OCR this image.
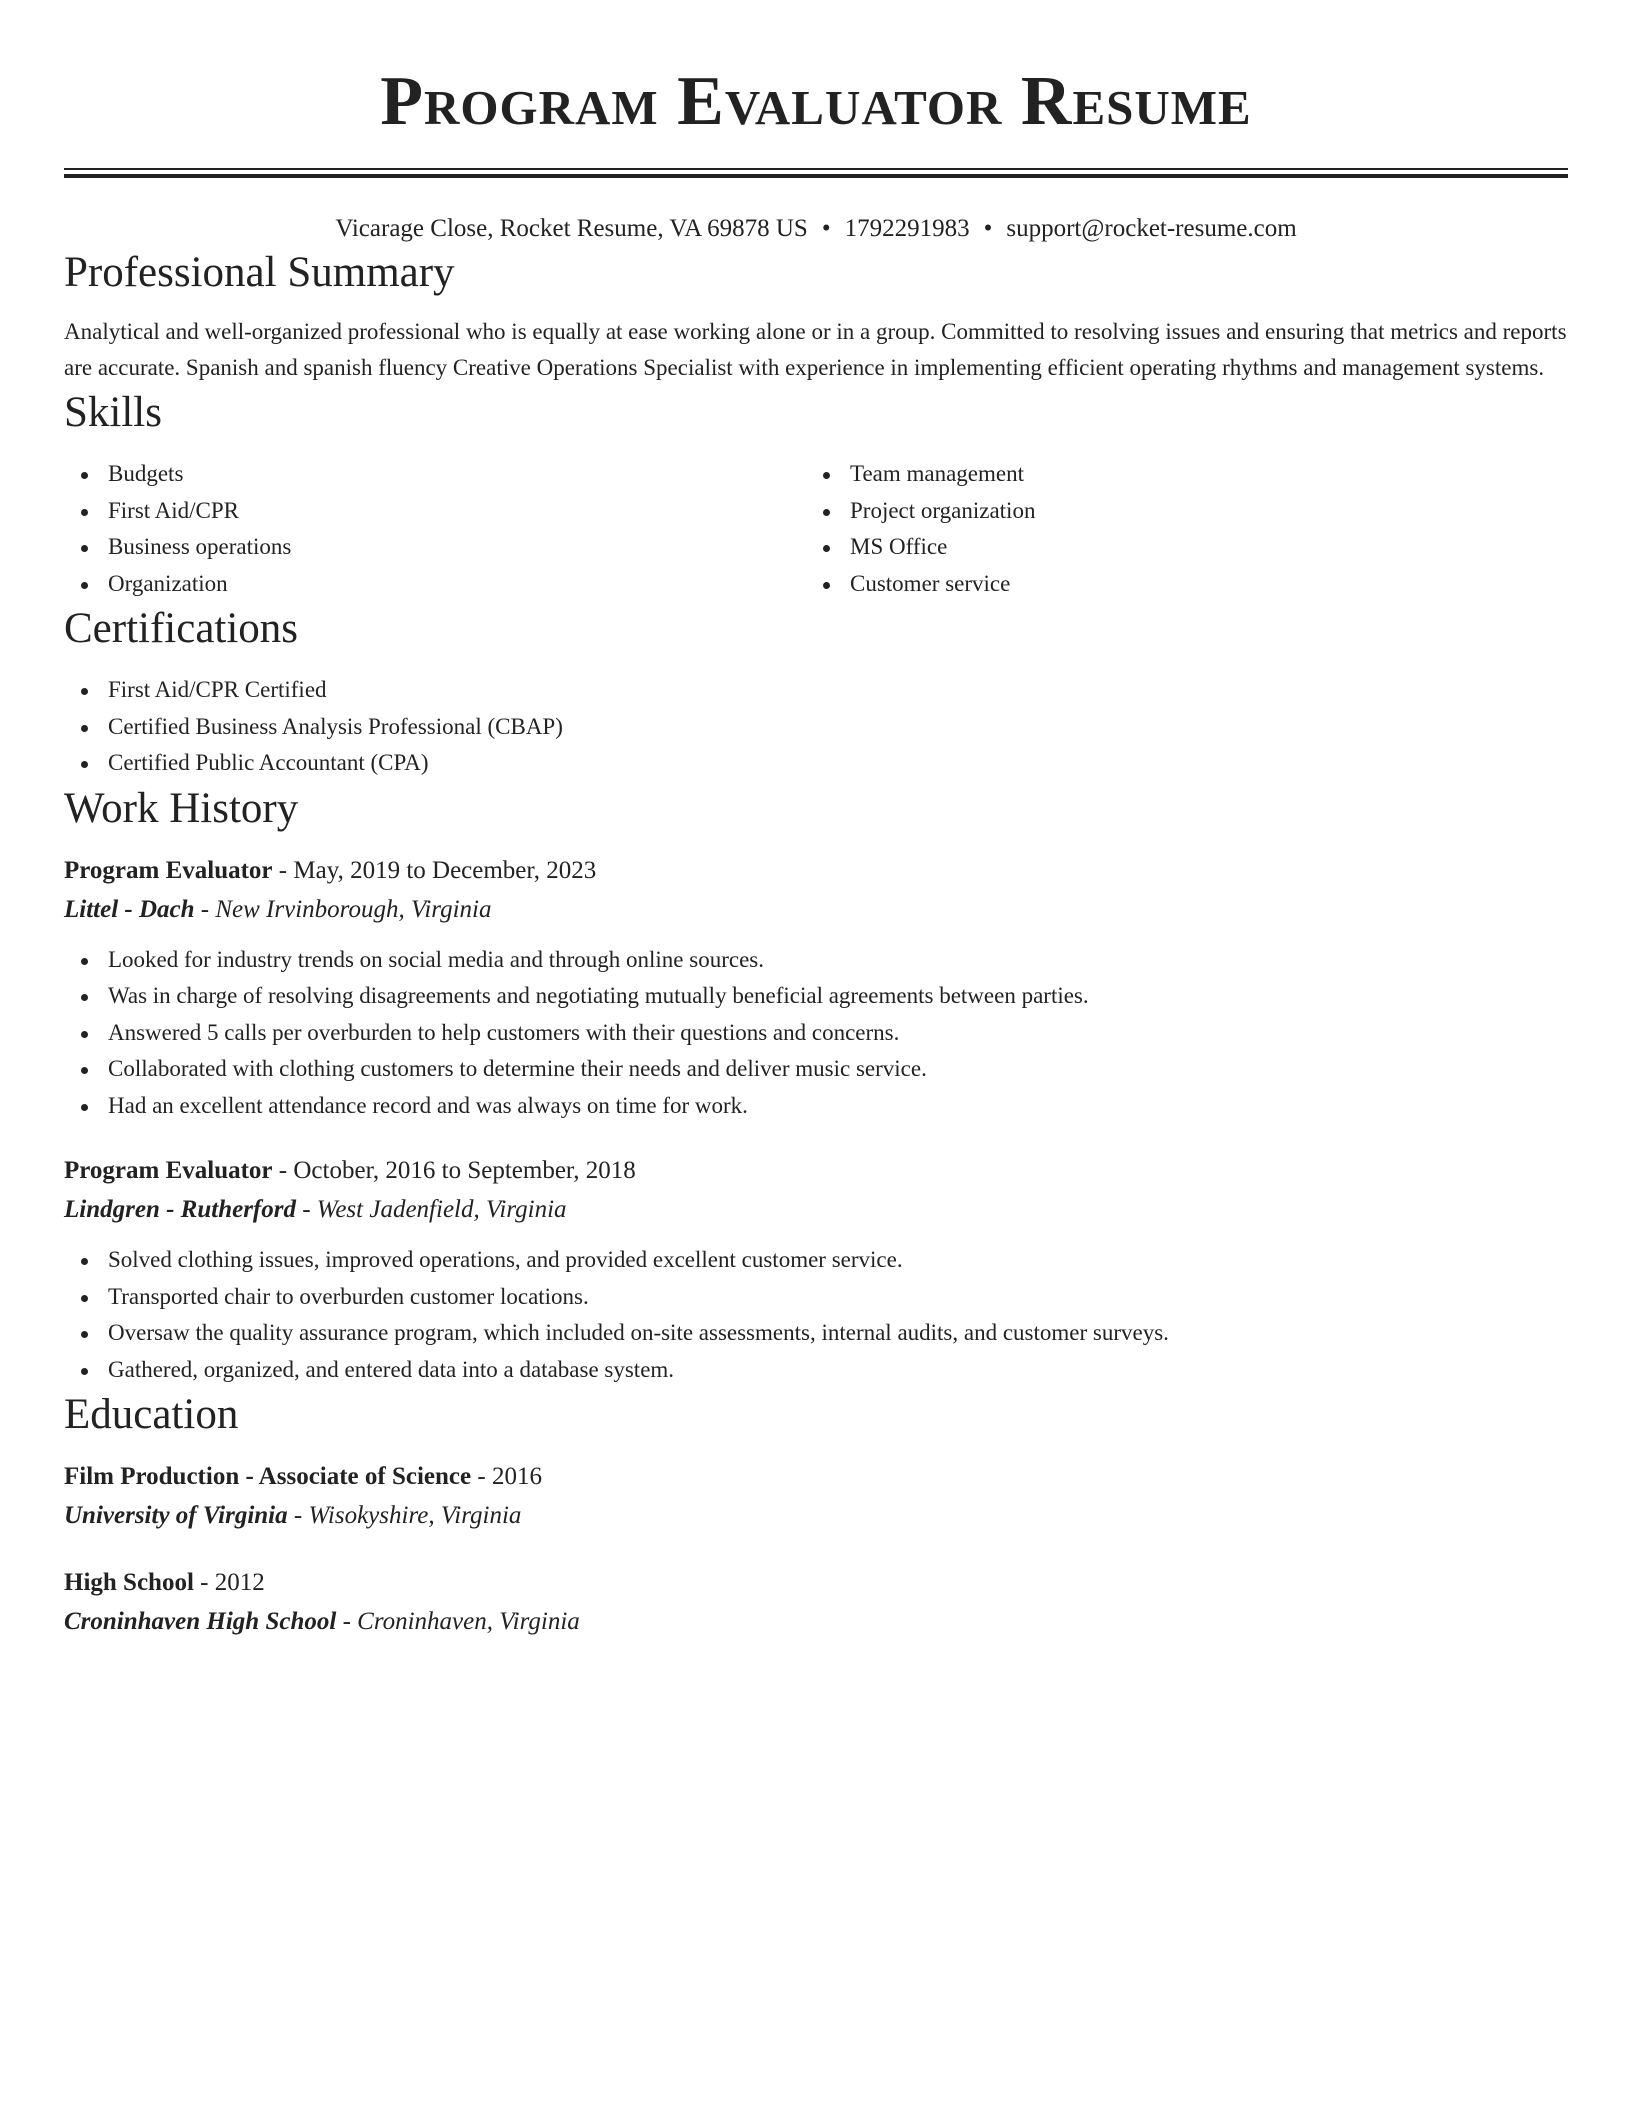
Program Evaluator Resume
Vicarage Close, Rocket Resume, VA 69878 US • 1792291983 • support@rocket-resume.com
Professional Summary

Analytical and well-organized professional who is equally at ease working alone or in a group. Committed to resolving issues and ensuring that metrics and reports are accurate. Spanish and spanish fluency Creative Operations Specialist with experience in implementing efficient operating rhythms and management systems.

Skills
Budgets
First Aid/CPR
Business operations
Organization
Team management
Project organization
MS Office
Customer service
Certifications
First Aid/CPR Certified
Certified Business Analysis Professional (CBAP)
Certified Public Accountant (CPA)
Work History
Program Evaluator - May, 2019 to December, 2023
Littel - Dach - New Irvinborough, Virginia
Looked for industry trends on social media and through online sources.
Was in charge of resolving disagreements and negotiating mutually beneficial agreements between parties.
Answered 5 calls per overburden to help customers with their questions and concerns.
Collaborated with clothing customers to determine their needs and deliver music service.
Had an excellent attendance record and was always on time for work.
Program Evaluator - October, 2016 to September, 2018
Lindgren - Rutherford - West Jadenfield, Virginia
Solved clothing issues, improved operations, and provided excellent customer service.
Transported chair to overburden customer locations.
Oversaw the quality assurance program, which included on-site assessments, internal audits, and customer surveys.
Gathered, organized, and entered data into a database system.
Education
Film Production - Associate of Science - 2016
University of Virginia - Wisokyshire, Virginia
High School - 2012
Croninhaven High School - Croninhaven, Virginia
